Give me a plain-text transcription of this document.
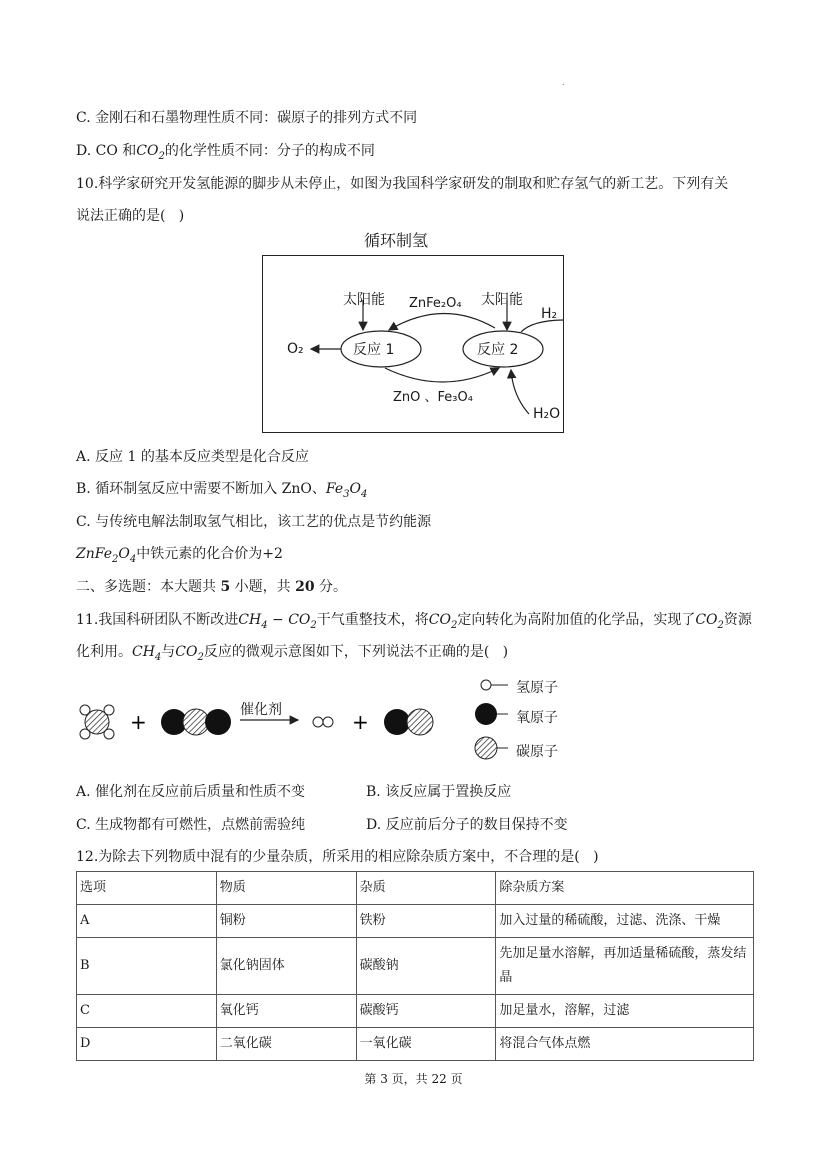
.
C. 金刚石和石墨物理性质不同：碳原子的排列方式不同
D. CO 和$CO_2$的化学性质不同：分子的构成不同
10.科学家研究开发氢能源的脚步从未停止，如图为我国科学家研发的制取和贮存氢气的新工艺。下列有关
说法正确的是(   )
循环制氢
太阳能	太阳能
ZnFe₂O₄
H₂
O₂	反应 1	反应 2
ZnO 、Fe₃O₄
H₂O
A. 反应 1 的基本反应类型是化合反应
B. 循环制氢反应中需要不断加入 ZnO、$Fe_3O_4$
C. 与传统电解法制取氢气相比，该工艺的优点是节约能源
$ZnFe_2O_4$中铁元素的化合价为+2
二、多选题：本大题共 5 小题，共 20 分。
11.我国科研团队不断改进$CH_4 - CO_2$干气重整技术，将$CO_2$定向转化为高附加值的化学品，实现了$CO_2$资源
化利用。$CH_4$与$CO_2$反应的微观示意图如下，下列说法不正确的是(   )
+	+
催化剂
氢原子
氧原子
碳原子
A. 催化剂在反应前后质量和性质不变	B. 该反应属于置换反应
C. 生成物都有可燃性，点燃前需验纯	D. 反应前后分子的数目保持不变
12.为除去下列物质中混有的少量杂质，所采用的相应除杂质方案中，不合理的是(   )
选项	物质	杂质	除杂质方案
A	铜粉	铁粉	加入过量的稀硫酸，过滤、洗涤、干燥
B	氯化钠固体	碳酸钠	先加足量水溶解，再加适量稀硫酸，蒸发结晶
C	氧化钙	碳酸钙	加足量水，溶解，过滤
D	二氧化碳	一氧化碳	将混合气体点燃
第 3 页，共 22 页
